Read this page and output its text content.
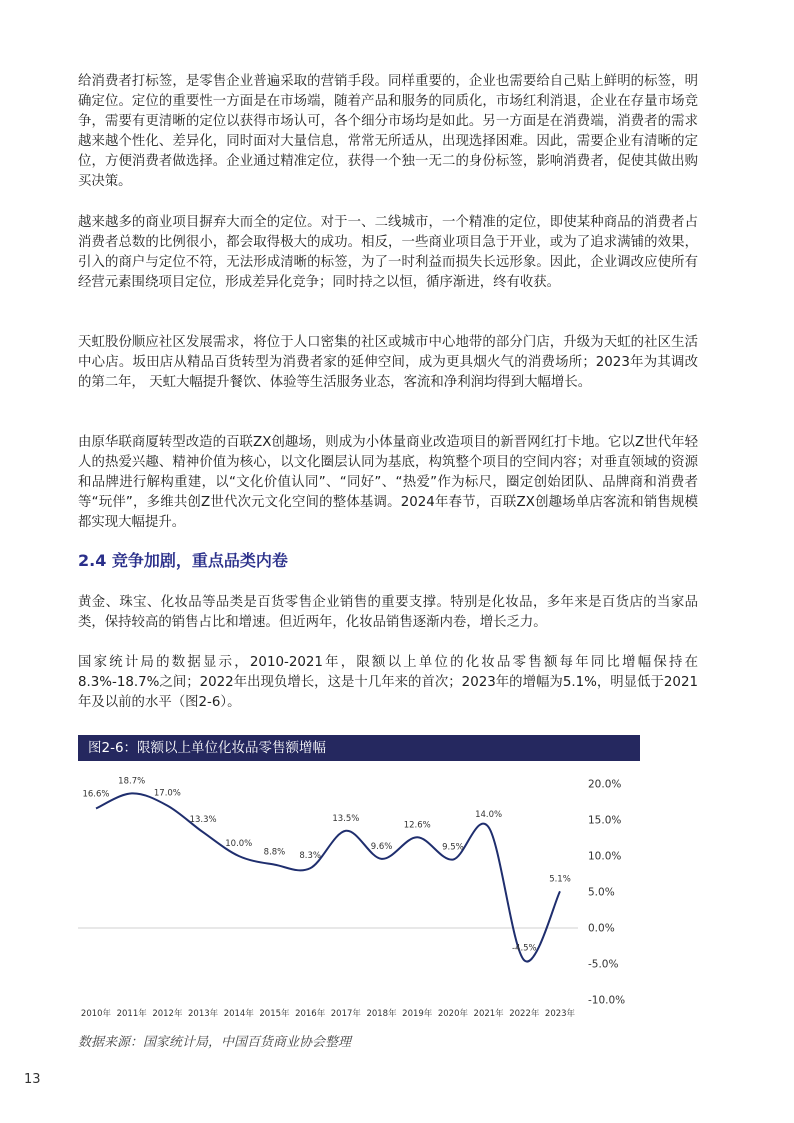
给消费者打标签，是零售企业普遍采取的营销手段。同样重要的，企业也需要给自己贴上鲜明的标签，明确定位。定位的重要性一方面是在市场端，随着产品和服务的同质化，市场红利消退，企业在存量市场竞争，需要有更清晰的定位以获得市场认可，各个细分市场均是如此。另一方面是在消费端，消费者的需求越来越个性化、差异化，同时面对大量信息，常常无所适从，出现选择困难。因此，需要企业有清晰的定位，方便消费者做选择。企业通过精准定位，获得一个独一无二的身份标签，影响消费者，促使其做出购买决策。

越来越多的商业项目摒弃大而全的定位。对于一、二线城市，一个精准的定位，即使某种商品的消费者占消费者总数的比例很小，都会取得极大的成功。相反，一些商业项目急于开业，或为了追求满铺的效果，引入的商户与定位不符，无法形成清晰的标签，为了一时利益而损失长远形象。因此，企业调改应使所有经营元素围绕项目定位，形成差异化竞争；同时持之以恒，循序渐进，终有收获。

天虹股份顺应社区发展需求，将位于人口密集的社区或城市中心地带的部分门店，升级为天虹的社区生活中心店。坂田店从精品百货转型为消费者家的延伸空间，成为更具烟火气的消费场所；2023年为其调改的第二年， 天虹大幅提升餐饮、体验等生活服务业态，客流和净利润均得到大幅增长。

由原华联商厦转型改造的百联ZX创趣场，则成为小体量商业改造项目的新晋网红打卡地。它以Z世代年轻人的热爱兴趣、精神价值为核心，以文化圈层认同为基底，构筑整个项目的空间内容；对垂直领域的资源和品牌进行解构重建，以“文化价值认同”、“同好”、“热爱”作为标尺，圈定创始团队、品牌商和消费者等“玩伴”，多维共创Z世代次元文化空间的整体基调。2024年春节，百联ZX创趣场单店客流和销售规模都实现大幅提升。

2.4 竞争加剧，重点品类内卷

黄金、珠宝、化妆品等品类是百货零售企业销售的重要支撑。特别是化妆品，多年来是百货店的当家品类，保持较高的销售占比和增速。但近两年，化妆品销售逐渐内卷，增长乏力。

国家统计局的数据显示，2010-2021年，限额以上单位的化妆品零售额每年同比增幅保持在8.3%-18.7%之间；2022年出现负增长，这是十几年来的首次；2023年的增幅为5.1%，明显低于2021年及以前的水平（图2-6）。

图2-6：限额以上单位化妆品零售额增幅
20.0%
15.0%
10.0%
5.0%
0.0%
-5.0%
-10.0%
2010年 2011年 2012年 2013年 2014年 2015年 2016年 2017年 2018年 2019年 2020年 2021年 2022年 2023年
16.6%
18.7%
17.0%
13.3%
10.0%
8.8% 8.3%
13.5%
9.6%
12.6%
9.5%
14.0%
-4.5%
5.1%
数据来源：国家统计局，中国百货商业协会整理
13
